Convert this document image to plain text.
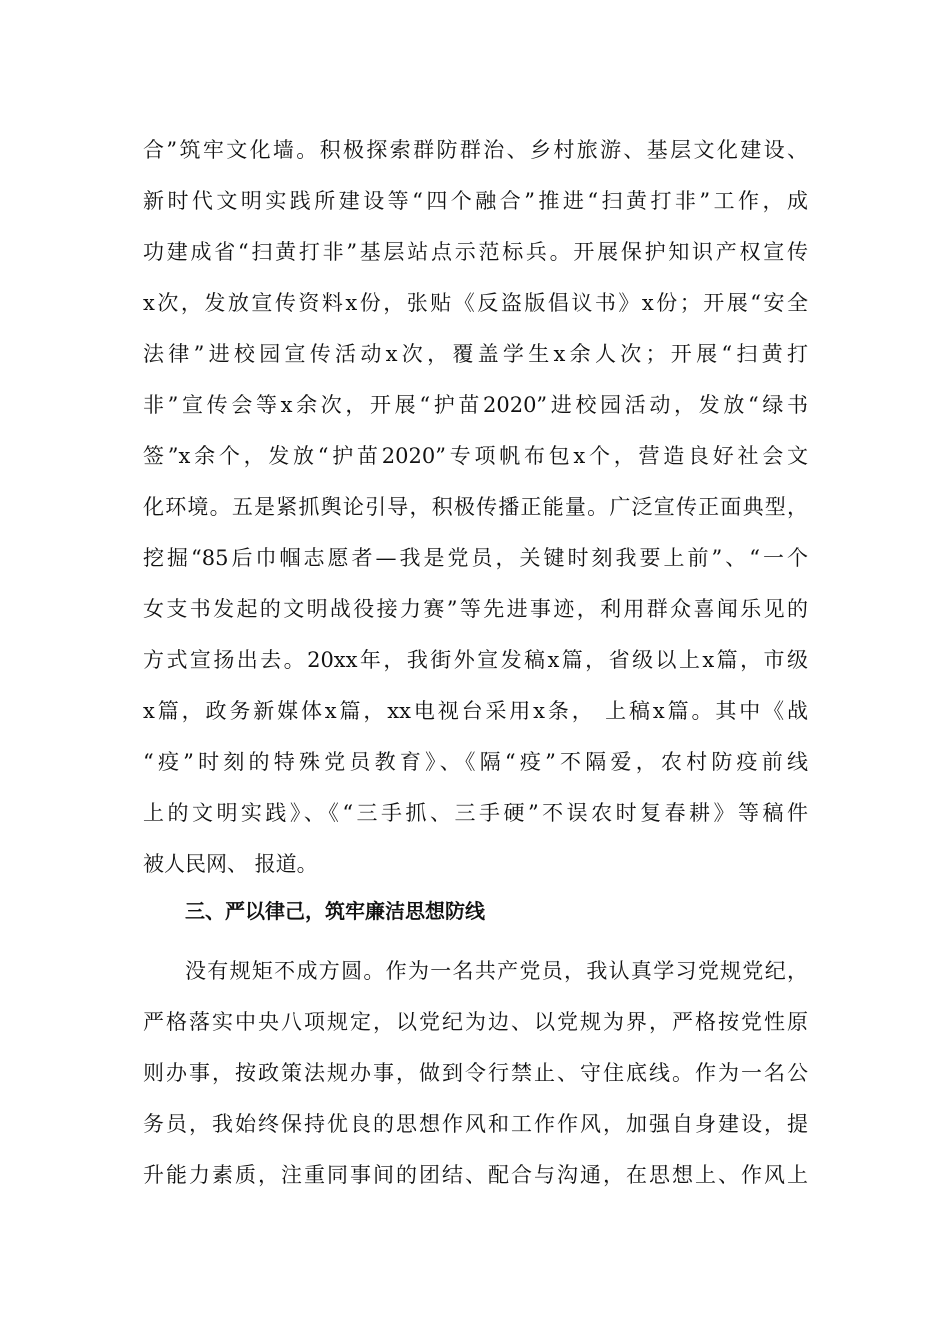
合”筑牢文化墙。积极探索群防群治、乡村旅游、基层文化建设、
新时代文明实践所建设等“四个融合”推进“扫黄打非”工作，成
功建成省“扫黄打非”基层站点示范标兵。开展保护知识产权宣传
x次，发放宣传资料x份，张贴《反盗版倡议书》x份；开展“安全
法律”进校园宣传活动x次，覆盖学生x余人次；开展“扫黄打
非”宣传会等x余次，开展“护苗2020”进校园活动，发放“绿书
签”x余个，发放“护苗2020”专项帆布包x个，营造良好社会文
化环境。五是紧抓舆论引导，积极传播正能量。广泛宣传正面典型，
挖掘“85后巾帼志愿者—我是党员，关键时刻我要上前”、“一个
女支书发起的文明战役接力赛”等先进事迹，利用群众喜闻乐见的
方式宣扬出去。20xx年，我街外宣发稿x篇，省级以上x篇，市级
x篇，政务新媒体x篇，xx电视台采用x条， 上稿x篇。其中《战
“疫”时刻的特殊党员教育》、《隔“疫”不隔爱，农村防疫前线
上的文明实践》、《“三手抓、三手硬”不误农时复春耕》等稿件
被人民网、 报道。
三、严以律己，筑牢廉洁思想防线
没有规矩不成方圆。作为一名共产党员，我认真学习党规党纪，
严格落实中央八项规定，以党纪为边、以党规为界，严格按党性原
则办事，按政策法规办事，做到令行禁止、守住底线。作为一名公
务员，我始终保持优良的思想作风和工作作风，加强自身建设，提
升能力素质，注重同事间的团结、配合与沟通，在思想上、作风上
